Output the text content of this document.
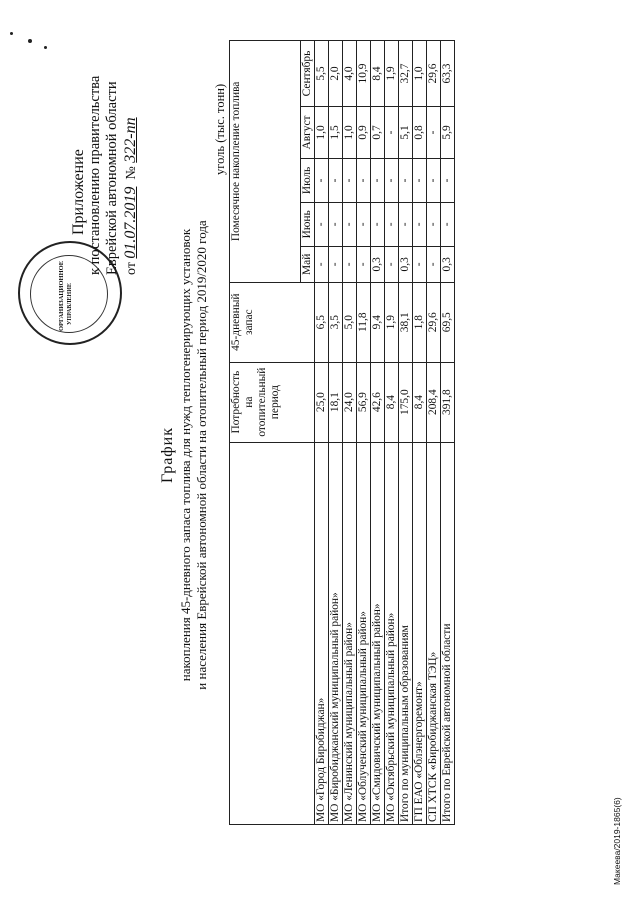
ОРГАНИЗАЦИОННОЕ УПРАВЛЕНИЕ
Приложение к постановлению правительства Еврейской автономной области от 01.07.2019  № 322-пп
График накопления 45-дневного запаса топлива для нужд теплогенерирующих установок и населения Еврейской автономной области на отопительный период 2019/2020 года
уголь (тыс. тонн)
	Потребность на отопительный период	45-дневный запас	Помесячное накопление топлива				
			Май	Июнь	Июль	Август	Сентябрь
МО «Город Биробиджан»	25,0	6,5	-	-	-	1,0	5,5
МО «Биробиджанский муниципальный район»	18,1	3,5	-	-	-	1,5	2,0
МО «Ленинский муниципальный район»	24,0	5,0	-	-	-	1,0	4,0
МО «Облученский муниципальный район»	56,9	11,8	-	-	-	0,9	10,9
МО «Смидовичский муниципальный район»	42,6	9,4	0,3	-	-	0,7	8,4
МО «Октябрьский муниципальный район»	8,4	1,9	-	-	-	-	1,9
Итого по муниципальным образованиям	175,0	38,1	0,3	-	-	5,1	32,7
ГП ЕАО «Облэнергоремонт»	8,4	1,8	-	-	-	0,8	1,0
СП ХТСК «Биробиджанская ТЭЦ»	208,4	29,6	-	-	-	-	29,6
Итого по Еврейской автономной области	391,8	69,5	0,3	-	-	5,9	63,3
Макеева/2019-1865(6)
